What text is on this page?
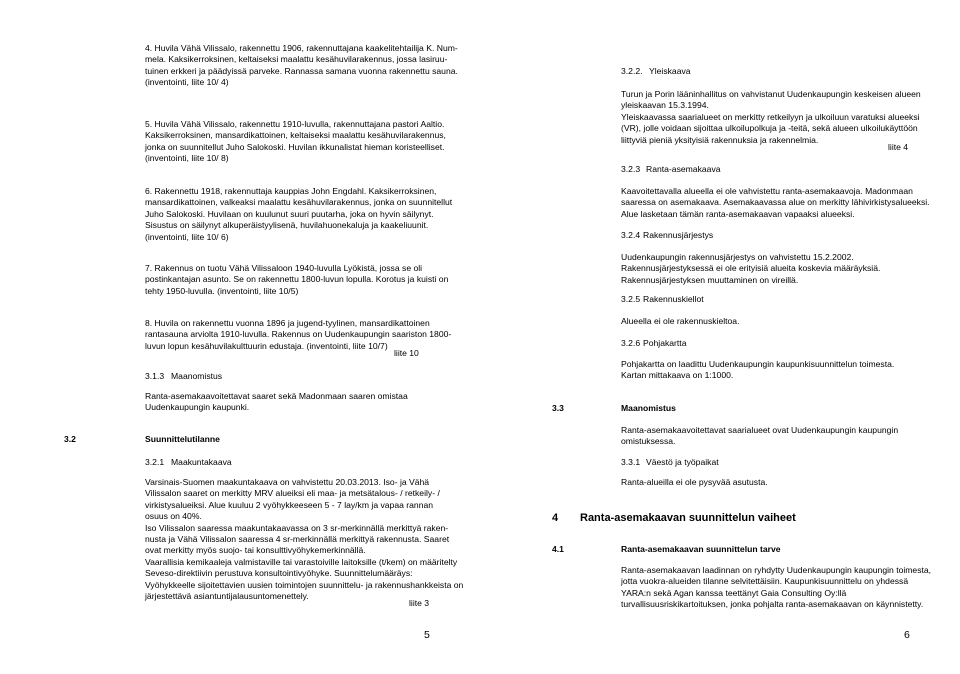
4. Huvila Vähä Vilissalo, rakennettu 1906, rakennuttajana kaakelitehtailija K. Num-
mela. Kaksikerroksinen, keltaiseksi maalattu kesähuvilarakennus, jossa lasiruu-
tuinen erkkeri ja päädyissä parveke. Rannassa samana vuonna rakennettu sauna.
(inventointi, liite 10/ 4)

5. Huvila Vähä Vilissalo, rakennettu 1910-luvulla, rakennuttajana pastori Aaltio.
Kaksikerroksinen, mansardikattoinen, keltaiseksi maalattu kesähuvilarakennus,
jonka on suunnitellut Juho Salokoski. Huvilan ikkunalistat hieman koristeelliset.
(inventointi, liite 10/ 8)

6. Rakennettu 1918, rakennuttaja kauppias John Engdahl. Kaksikerroksinen,
mansardikattoinen, valkeaksi maalattu kesähuvilarakennus, jonka on suunnitellut
Juho Salokoski. Huvilaan on kuulunut suuri puutarha, joka on hyvin säilynyt.
Sisustus on säilynyt alkuperäistyylisenä, huvilahuonekaluja ja kaakeliuunit.
(inventointi, liite 10/ 6)

7. Rakennus on tuotu Vähä Vilissaloon 1940-luvulla Lyökistä, jossa se oli
postinkantajan asunto. Se on rakennettu 1800-luvun lopulla. Korotus ja kuisti on
tehty 1950-luvulla. (inventointi, liite 10/5)

8. Huvila on rakennettu vuonna 1896 ja jugend-tyylinen, mansardikattoinen
rantasauna arviolta 1910-luvulla. Rakennus on Uudenkaupungin saariston 1800-
luvun lopun kesähuvilakulttuurin edustaja. (inventointi, liite 10/7)

liite 10

3.1.3 Maanomistus

Ranta-asemakaavoitettavat saaret sekä Madonmaan saaren omistaa
Uudenkaupungin kaupunki.

3.2	Suunnittelutilanne

3.2.1 Maakuntakaava

Varsinais-Suomen maakuntakaava on vahvistettu 20.03.2013. Iso- ja Vähä
Vilissalon saaret on merkitty MRV alueiksi eli maa- ja metsätalous- / retkeily- /
virkistysalueiksi. Alue kuuluu 2 vyöhykkeeseen 5 - 7 lay/km ja vapaa rannan
osuus on 40%.
Iso Vilissalon saaressa maakuntakaavassa on 3 sr-merkinnällä merkittyä raken-
nusta ja Vähä Vilissalon saaressa 4 sr-merkinnällä merkittyä rakennusta. Saaret
ovat merkitty myös suojo- tai konsulttivyöhykemerkinnällä.
Vaarallisia kemikaaleja valmistaville tai varastoiville laitoksille (t/kem) on määritelty
Seveso-direktiivin perustuva konsultointivyöhyke. Suunnittelumääräys:
Vyöhykkeelle sijoitettavien uusien toimintojen suunnittelu- ja rakennushankkeista on
järjestettävä asiantuntijalausuntomenettely.

liite 3

5

3.2.2. Yleiskaava

Turun ja Porin lääninhallitus on vahvistanut Uudenkaupungin keskeisen alueen
yleiskaavan 15.3.1994.
Yleiskaavassa saarialueet on merkitty retkeilyyn ja ulkoiluun varatuksi alueeksi
(VR), jolle voidaan sijoittaa ulkoilupolkuja ja -teitä, sekä alueen ulkoilukäyttöön
liittyviä pieniä yksityisiä rakennuksia ja rakennelmia.

liite 4

3.2.3 Ranta-asemakaava

Kaavoitettavalla alueella ei ole vahvistettu ranta-asemakaavoja. Madonmaan
saaressa on asemakaava. Asemakaavassa alue on merkitty lähivirkistysalueeksi.
Alue lasketaan tämän ranta-asemakaavan vapaaksi alueeksi.

3.2.4 Rakennusjärjestys

Uudenkaupungin rakennusjärjestys on vahvistettu 15.2.2002.
Rakennusjärjestyksessä ei ole erityisiä alueita koskevia määräyksiä.
Rakennusjärjestyksen muuttaminen on vireillä.

3.2.5 Rakennuskiellot

Alueella ei ole rakennuskieltoa.

3.2.6 Pohjakartta

Pohjakartta on laadittu Uudenkaupungin kaupunkisuunnittelun toimesta.
Kartan mittakaava on 1:1000.

3.3	Maanomistus

Ranta-asemakaavoitettavat saarialueet ovat Uudenkaupungin kaupungin
omistuksessa.

3.3.1 Väestö ja työpaikat

Ranta-alueilla ei ole pysyvää asutusta.

4 Ranta-asemakaavan suunnittelun vaiheet

4.1	Ranta-asemakaavan suunnittelun tarve

Ranta-asemakaavan laadinnan on ryhdytty Uudenkaupungin kaupungin toimesta,
jotta vuokra-alueiden tilanne selvitettäisiin. Kaupunkisuunnittelu on yhdessä
YARA:n sekä Agan kanssa teettänyt Gaia Consulting Oy:llä
turvallisuusriskikartoituksen, jonka pohjalta ranta-asemakaavan on käynnistetty.

6
